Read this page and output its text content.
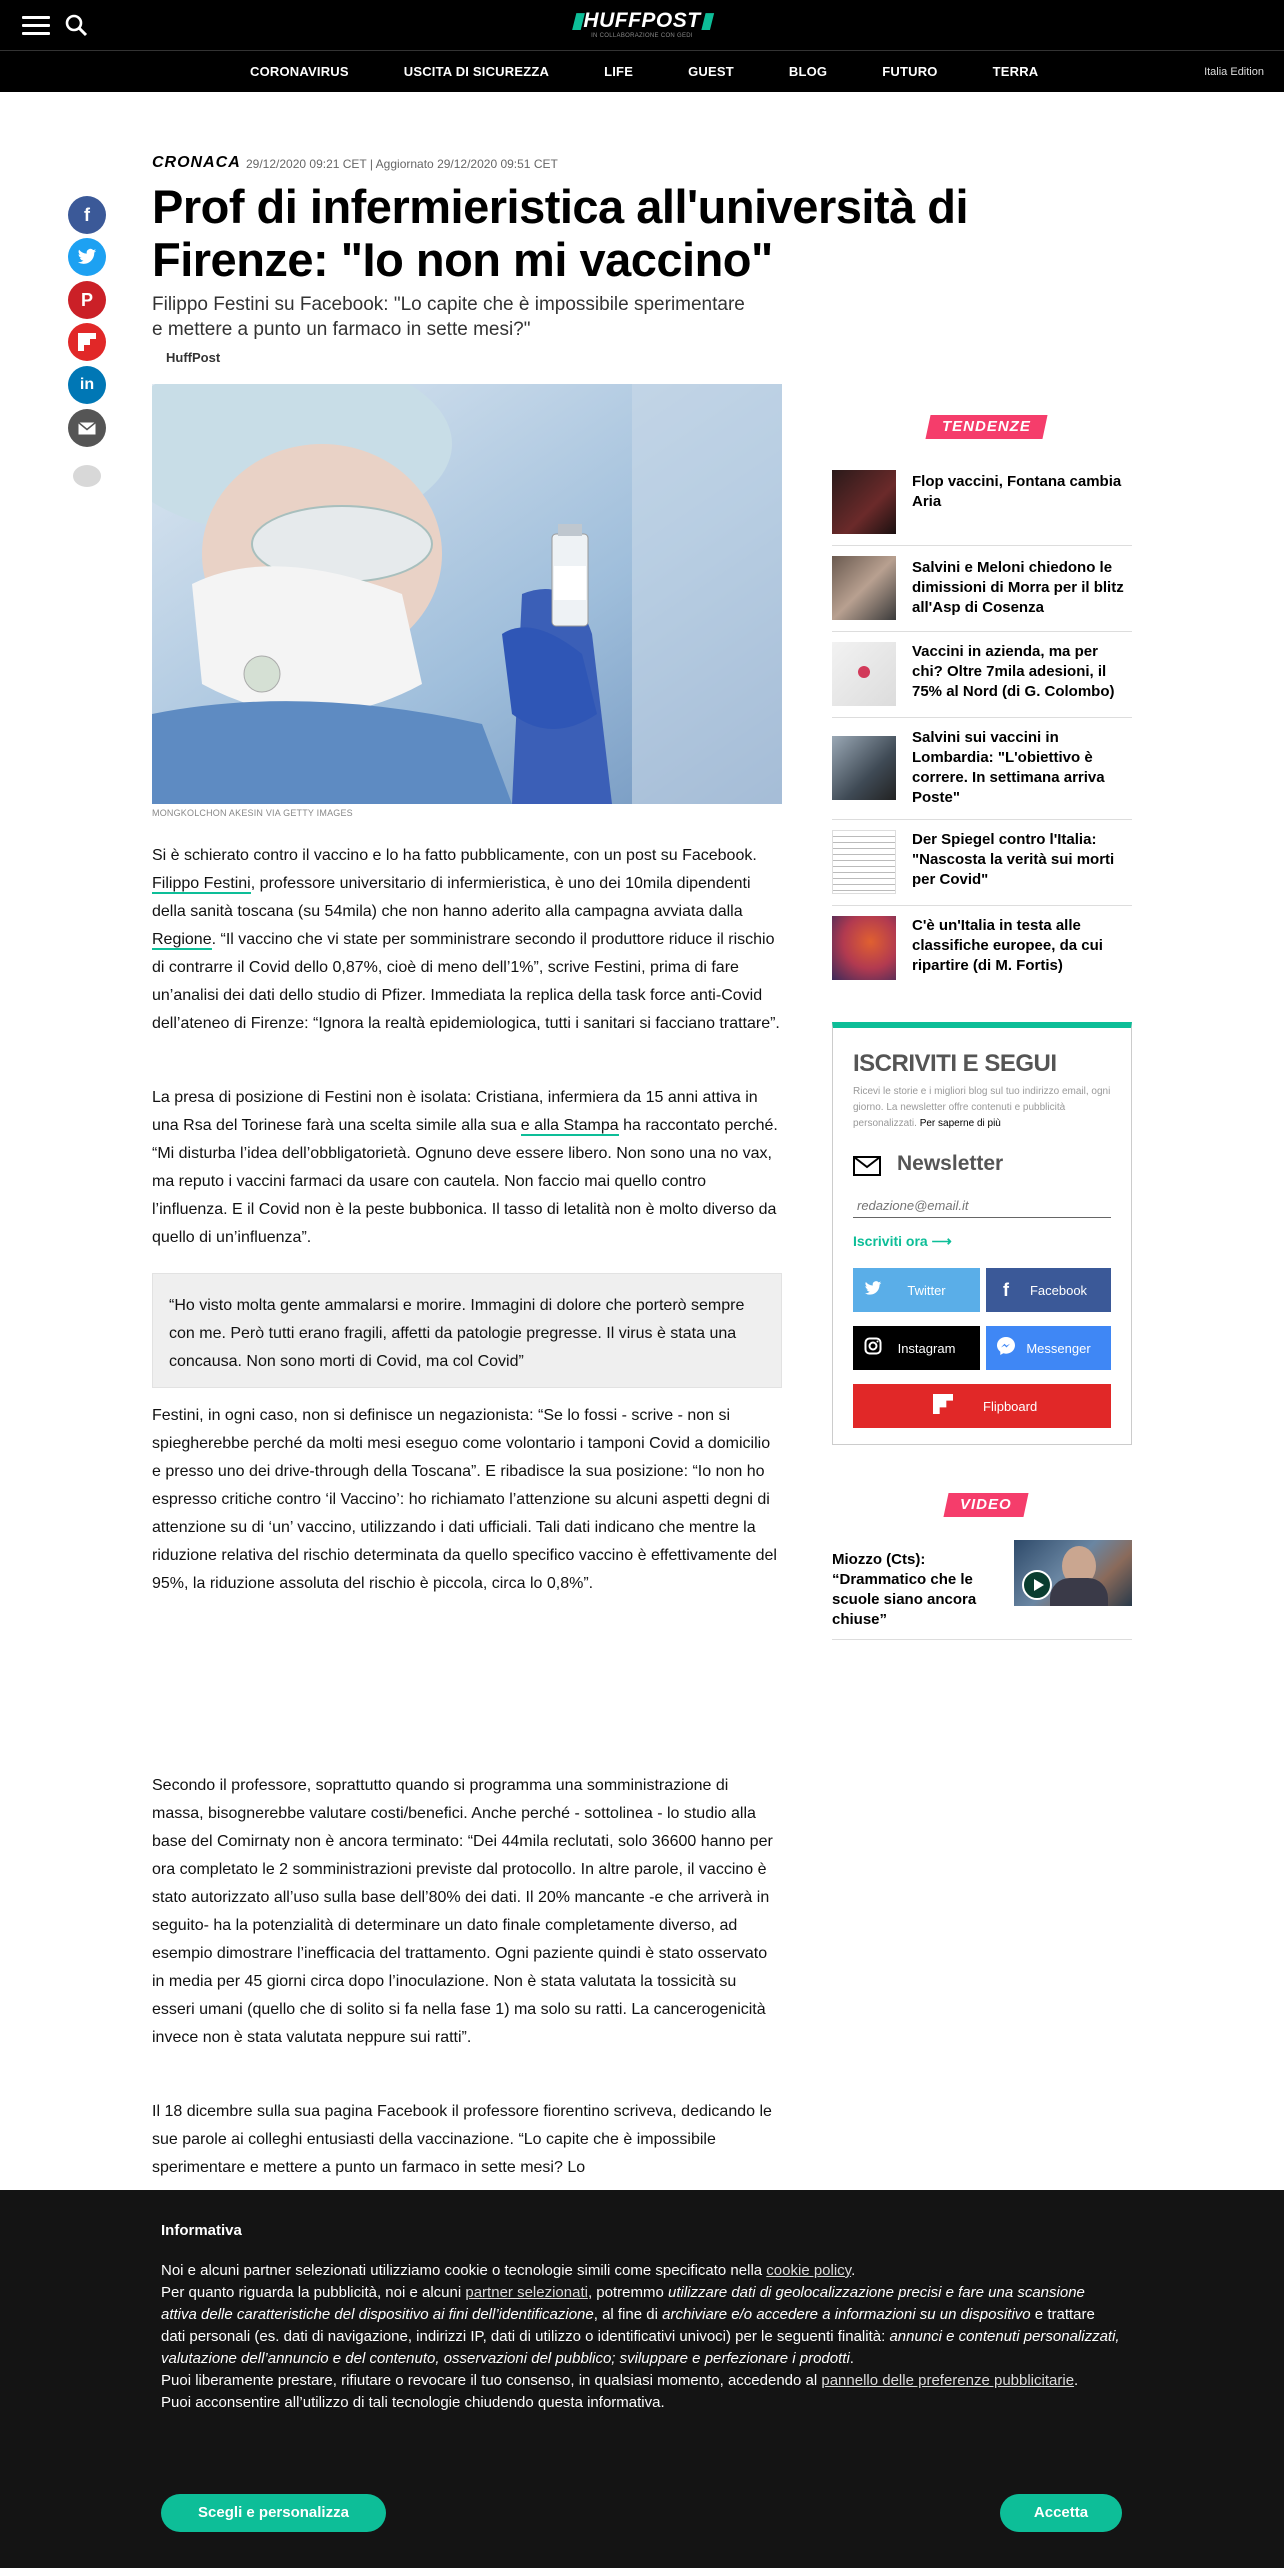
▮HUFFPOST▮
IN COLLABORAZIONE CON GEDI
CORONAVIRUS	USCITA DI SICUREZZA	LIFE	GUEST	BLOG	FUTURO	TERRA	Italia Edition
f
P
in
CRONACA 29/12/2020 09:21 CET | Aggiornato 29/12/2020 09:51 CET
Prof di infermieristica all'università di Firenze: "Io non mi vaccino"

Filippo Festini su Facebook: "Lo capite che è impossibile sperimentare e mettere a punto un farmaco in sette mesi?"

HuffPost
MONGKOLCHON AKESIN VIA GETTY IMAGES

Si è schierato contro il vaccino e lo ha fatto pubblicamente, con un post su Facebook. Filippo Festini, professore universitario di infermieristica, è uno dei 10mila dipendenti della sanità toscana (su 54mila) che non hanno aderito alla campagna avviata dalla Regione. “Il vaccino che vi state per somministrare secondo il produttore riduce il rischio di contrarre il Covid dello 0,87%, cioè di meno dell’1%”, scrive Festini, prima di fare un’analisi dei dati dello studio di Pfizer. Immediata la replica della task force anti-Covid dell’ateneo di Firenze: “Ignora la realtà epidemiologica, tutti i sanitari si facciano trattare”.

La presa di posizione di Festini non è isolata: Cristiana, infermiera da 15 anni attiva in una Rsa del Torinese farà una scelta simile alla sua e alla Stampa ha raccontato perché. “Mi disturba l’idea dell’obbligatorietà. Ognuno deve essere libero. Non sono una no vax, ma reputo i vaccini farmaci da usare con cautela. Non faccio mai quello contro l’influenza. E il Covid non è la peste bubbonica. Il tasso di letalità non è molto diverso da quello di un’influenza”.

“Ho visto molta gente ammalarsi e morire. Immagini di dolore che porterò sempre con me. Però tutti erano fragili, affetti da patologie pregresse. Il virus è stata una concausa. Non sono morti di Covid, ma col Covid”

Festini, in ogni caso, non si definisce un negazionista: “Se lo fossi - scrive - non si spiegherebbe perché da molti mesi eseguo come volontario i tamponi Covid a domicilio e presso uno dei drive-through della Toscana”. E ribadisce la sua posizione: “Io non ho espresso critiche contro ‘il Vaccino’: ho richiamato l’attenzione su alcuni aspetti degni di attenzione su di ‘un’ vaccino, utilizzando i dati ufficiali. Tali dati indicano che mentre la riduzione relativa del rischio determinata da quello specifico vaccino è effettivamente del 95%, la riduzione assoluta del rischio è piccola, circa lo 0,8%”.

Secondo il professore, soprattutto quando si programma una somministrazione di massa, bisognerebbe valutare costi/benefici. Anche perché - sottolinea - lo studio alla base del Comirnaty non è ancora terminato: “Dei 44mila reclutati, solo 36600 hanno per ora completato le 2 somministrazioni previste dal protocollo. In altre parole, il vaccino è stato autorizzato all’uso sulla base dell’80% dei dati. Il 20% mancante -e che arriverà in seguito- ha la potenzialità di determinare un dato finale completamente diverso, ad esempio dimostrare l’inefficacia del trattamento. Ogni paziente quindi è stato osservato in media per 45 giorni circa dopo l’inoculazione. Non è stata valutata la tossicità su esseri umani (quello che di solito si fa nella fase 1) ma solo su ratti. La cancerogenicità invece non è stata valutata neppure sui ratti”.

Il 18 dicembre sulla sua pagina Facebook il professore fiorentino scriveva, dedicando le sue parole ai colleghi entusiasti della vaccinazione. “Lo capite che è impossibile sperimentare e mettere a punto un farmaco in sette mesi? Lo

TENDENZE
Flop vaccini, Fontana cambia Aria
Salvini e Meloni chiedono le dimissioni di Morra per il blitz all'Asp di Cosenza
Vaccini in azienda, ma per chi? Oltre 7mila adesioni, il 75% al Nord (di G. Colombo)
Salvini sui vaccini in Lombardia: "L'obiettivo è correre. In settimana arriva Poste"
Der Spiegel contro l'Italia: "Nascosta la verità sui morti per Covid"
C'è un'Italia in testa alle classifiche europee, da cui ripartire (di M. Fortis)
ISCRIVITI E SEGUI
Ricevi le storie e i migliori blog sul tuo indirizzo email, ogni giorno. La newsletter offre contenuti e pubblicità personalizzati. Per saperne di più
Newsletter
redazione@email.it
Iscriviti ora ⟶
Twitter	f	Facebook
Instagram	Messenger
Flipboard
VIDEO
Miozzo (Cts): “Drammatico che le scuole siano ancora chiuse”
Informativa
Noi e alcuni partner selezionati utilizziamo cookie o tecnologie simili come specificato nella cookie policy.
Per quanto riguarda la pubblicità, noi e alcuni partner selezionati, potremmo utilizzare dati di geolocalizzazione precisi e fare una scansione attiva delle caratteristiche del dispositivo ai fini dell’identificazione, al fine di archiviare e/o accedere a informazioni su un dispositivo e trattare dati personali (es. dati di navigazione, indirizzi IP, dati di utilizzo o identificativi univoci) per le seguenti finalità: annunci e contenuti personalizzati, valutazione dell’annuncio e del contenuto, osservazioni del pubblico; sviluppare e perfezionare i prodotti.
Puoi liberamente prestare, rifiutare o revocare il tuo consenso, in qualsiasi momento, accedendo al pannello delle preferenze pubblicitarie.
Puoi acconsentire all’utilizzo di tali tecnologie chiudendo questa informativa.
Scegli e personalizza	Accetta
